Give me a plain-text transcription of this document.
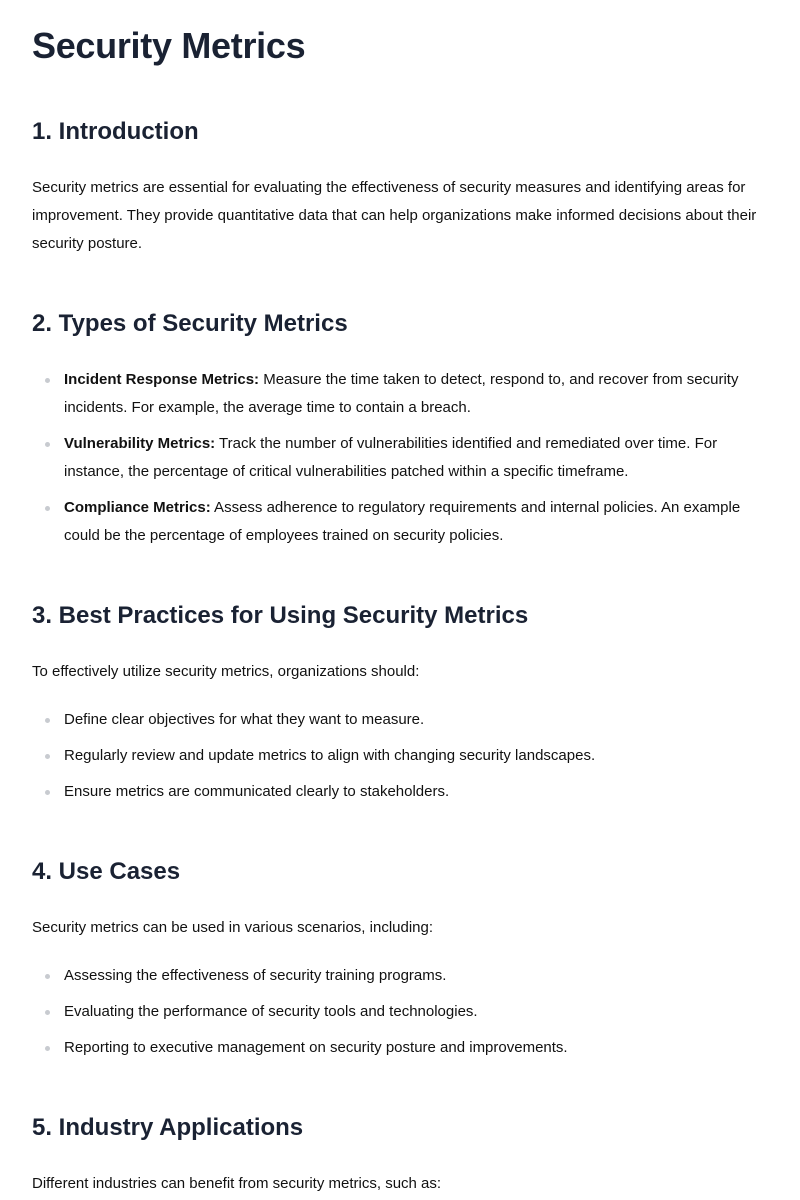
Security Metrics
1. Introduction

Security metrics are essential for evaluating the effectiveness of security measures and identifying areas for improvement. They provide quantitative data that can help organizations make informed decisions about their security posture.

2. Types of Security Metrics
Incident Response Metrics: Measure the time taken to detect, respond to, and recover from security incidents. For example, the average time to contain a breach.
Vulnerability Metrics: Track the number of vulnerabilities identified and remediated over time. For instance, the percentage of critical vulnerabilities patched within a specific timeframe.
Compliance Metrics: Assess adherence to regulatory requirements and internal policies. An example could be the percentage of employees trained on security policies.
3. Best Practices for Using Security Metrics

To effectively utilize security metrics, organizations should:

Define clear objectives for what they want to measure.
Regularly review and update metrics to align with changing security landscapes.
Ensure metrics are communicated clearly to stakeholders.
4. Use Cases

Security metrics can be used in various scenarios, including:

Assessing the effectiveness of security training programs.
Evaluating the performance of security tools and technologies.
Reporting to executive management on security posture and improvements.
5. Industry Applications

Different industries can benefit from security metrics, such as:
